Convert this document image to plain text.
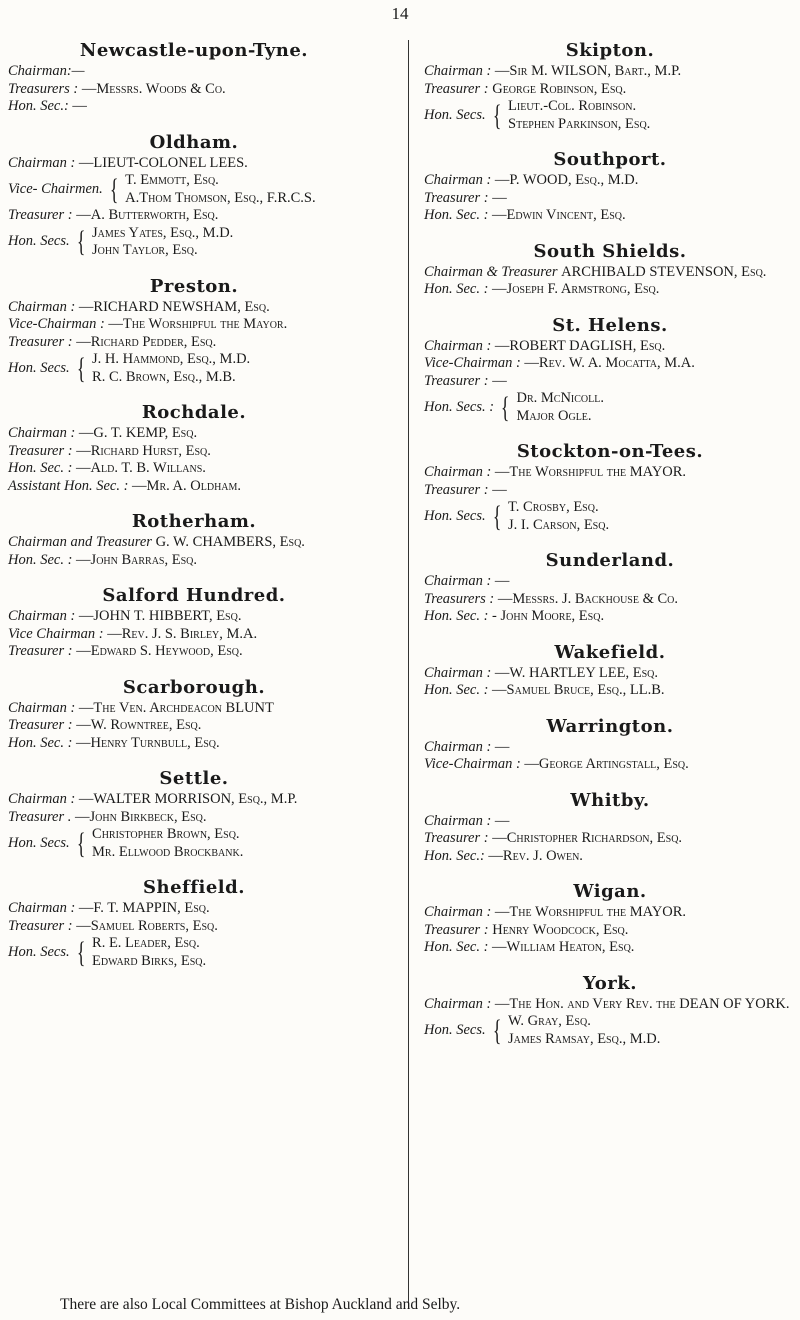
14
Newcastle-upon-Tyne.
Chairman:—
Treasurers : —Messrs. Woods & Co.
Hon. Sec.: —
Oldham.
Chairman : —LIEUT-COLONEL LEES.
Vice- Chairmen. { T. Emmott, Esq.
A.Thom Thomson, Esq., F.R.C.S.
Treasurer : —A. Butterworth, Esq.
Hon. Secs. { James Yates, Esq., M.D.
John Taylor, Esq.
Preston.
Chairman : —RICHARD NEWSHAM, Esq.
Vice-Chairman : —The Worshipful the Mayor.
Treasurer : —Richard Pedder, Esq.
Hon. Secs. { J. H. Hammond, Esq., M.D.
R. C. Brown, Esq., M.B.
Rochdale.
Chairman : —G. T. KEMP, Esq.
Treasurer : —Richard Hurst, Esq.
Hon. Sec. : —Ald. T. B. Willans.
Assistant Hon. Sec. : —Mr. A. Oldham.
Rotherham.
Chairman and Treasurer G. W. CHAMBERS, Esq.
Hon. Sec. : —John Barras, Esq.
Salford Hundred.
Chairman : —JOHN T. HIBBERT, Esq.
Vice Chairman : —Rev. J. S. Birley, M.A.
Treasurer : —Edward S. Heywood, Esq.
Scarborough.
Chairman : —The Ven. Archdeacon BLUNT
Treasurer : —W. Rowntree, Esq.
Hon. Sec. : —Henry Turnbull, Esq.
Settle.
Chairman : —WALTER MORRISON, Esq., M.P.
Treasurer . —John Birkbeck, Esq.
Hon. Secs. { Christopher Brown, Esq.
Mr. Ellwood Brockbank.
Sheffield.
Chairman : —F. T. MAPPIN, Esq.
Treasurer : —Samuel Roberts, Esq.
Hon. Secs. { R. E. Leader, Esq.
Edward Birks, Esq.
Skipton.
Chairman : —Sir M. WILSON, Bart., M.P.
Treasurer : George Robinson, Esq.
Hon. Secs. { Lieut.-Col. Robinson.
Stephen Parkinson, Esq.
Southport.
Chairman : —P. WOOD, Esq., M.D.
Treasurer : —
Hon. Sec. : —Edwin Vincent, Esq.
South Shields.
Chairman & Treasurer ARCHIBALD STEVENSON, Esq.
Hon. Sec. : —Joseph F. Armstrong, Esq.
St. Helens.
Chairman : —ROBERT DAGLISH, Esq.
Vice-Chairman : —Rev. W. A. Mocatta, M.A.
Treasurer : —
Hon. Secs. : { Dr. McNicoll.
Major Ogle.
Stockton-on-Tees.
Chairman : —The Worshipful the MAYOR.
Treasurer : —
Hon. Secs. { T. Crosby, Esq.
J. I. Carson, Esq.
Sunderland.
Chairman : —
Treasurers : —Messrs. J. Backhouse & Co.
Hon. Sec. : - John Moore, Esq.
Wakefield.
Chairman : —W. HARTLEY LEE, Esq.
Hon. Sec. : —Samuel Bruce, Esq., LL.B.
Warrington.
Chairman : —
Vice-Chairman : —George Artingstall, Esq.
Whitby.
Chairman : —
Treasurer : —Christopher Richardson, Esq.
Hon. Sec.: —Rev. J. Owen.
Wigan.
Chairman : —The Worshipful the MAYOR.
Treasurer : Henry Woodcock, Esq.
Hon. Sec. : —William Heaton, Esq.
York.
Chairman : —The Hon. and Very Rev. the DEAN OF YORK.
Hon. Secs. { W. Gray, Esq.
James Ramsay, Esq., M.D.
There are also Local Committees at Bishop Auckland and Selby.
